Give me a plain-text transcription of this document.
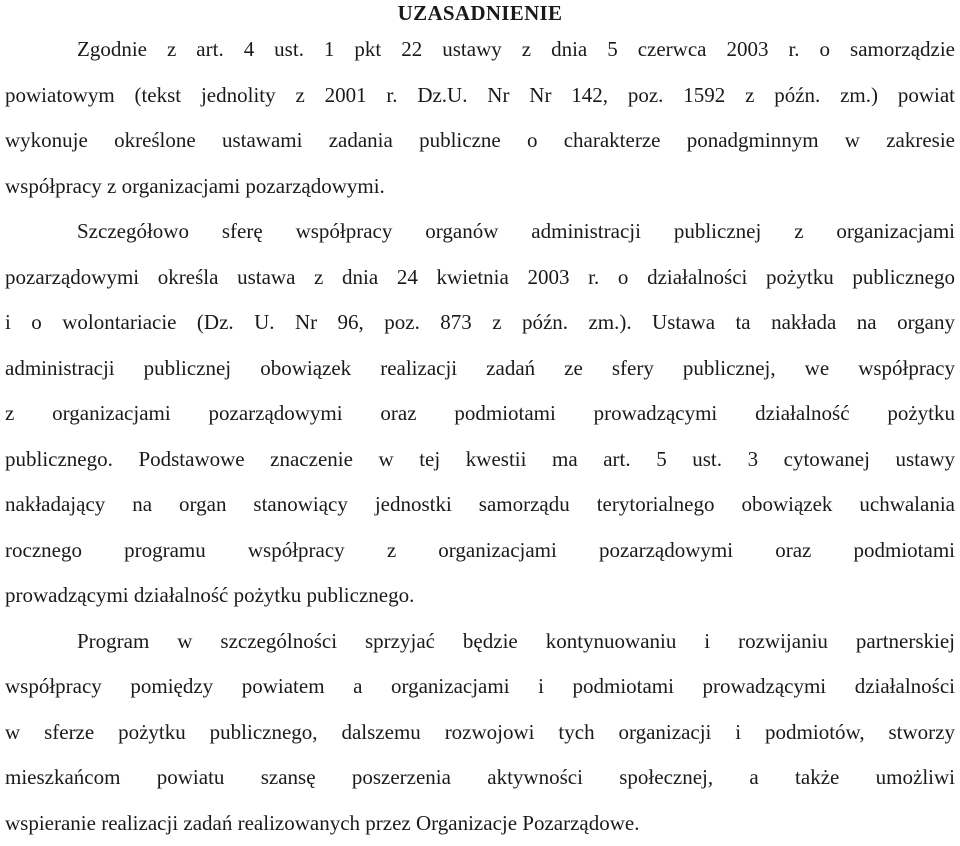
UZASADNIENIE
Zgodnie z art. 4 ust. 1 pkt 22 ustawy z dnia 5 czerwca 2003 r. o samorządzie
powiatowym (tekst jednolity z 2001 r. Dz.U. Nr Nr 142, poz. 1592 z późn. zm.) powiat
wykonuje określone ustawami zadania publiczne o charakterze ponadgminnym w zakresie
współpracy z organizacjami pozarządowymi.
Szczegółowo sferę współpracy organów administracji publicznej z organizacjami
pozarządowymi określa ustawa z dnia 24 kwietnia 2003 r. o działalności pożytku publicznego
i o wolontariacie (Dz. U. Nr 96, poz. 873 z późn. zm.). Ustawa ta nakłada na organy
administracji publicznej obowiązek realizacji zadań ze sfery publicznej, we współpracy
z organizacjami pozarządowymi oraz podmiotami prowadzącymi działalność pożytku
publicznego. Podstawowe znaczenie w tej kwestii ma art. 5 ust. 3 cytowanej ustawy
nakładający na organ stanowiący jednostki samorządu terytorialnego obowiązek uchwalania
rocznego programu współpracy z organizacjami pozarządowymi oraz podmiotami
prowadzącymi działalność pożytku publicznego.
Program w szczególności sprzyjać będzie kontynuowaniu i rozwijaniu partnerskiej
współpracy pomiędzy powiatem a organizacjami i podmiotami prowadzącymi działalności
w sferze pożytku publicznego, dalszemu rozwojowi tych organizacji i podmiotów, stworzy
mieszkańcom powiatu szansę poszerzenia aktywności społecznej, a także umożliwi
wspieranie realizacji zadań realizowanych przez Organizacje Pozarządowe.
